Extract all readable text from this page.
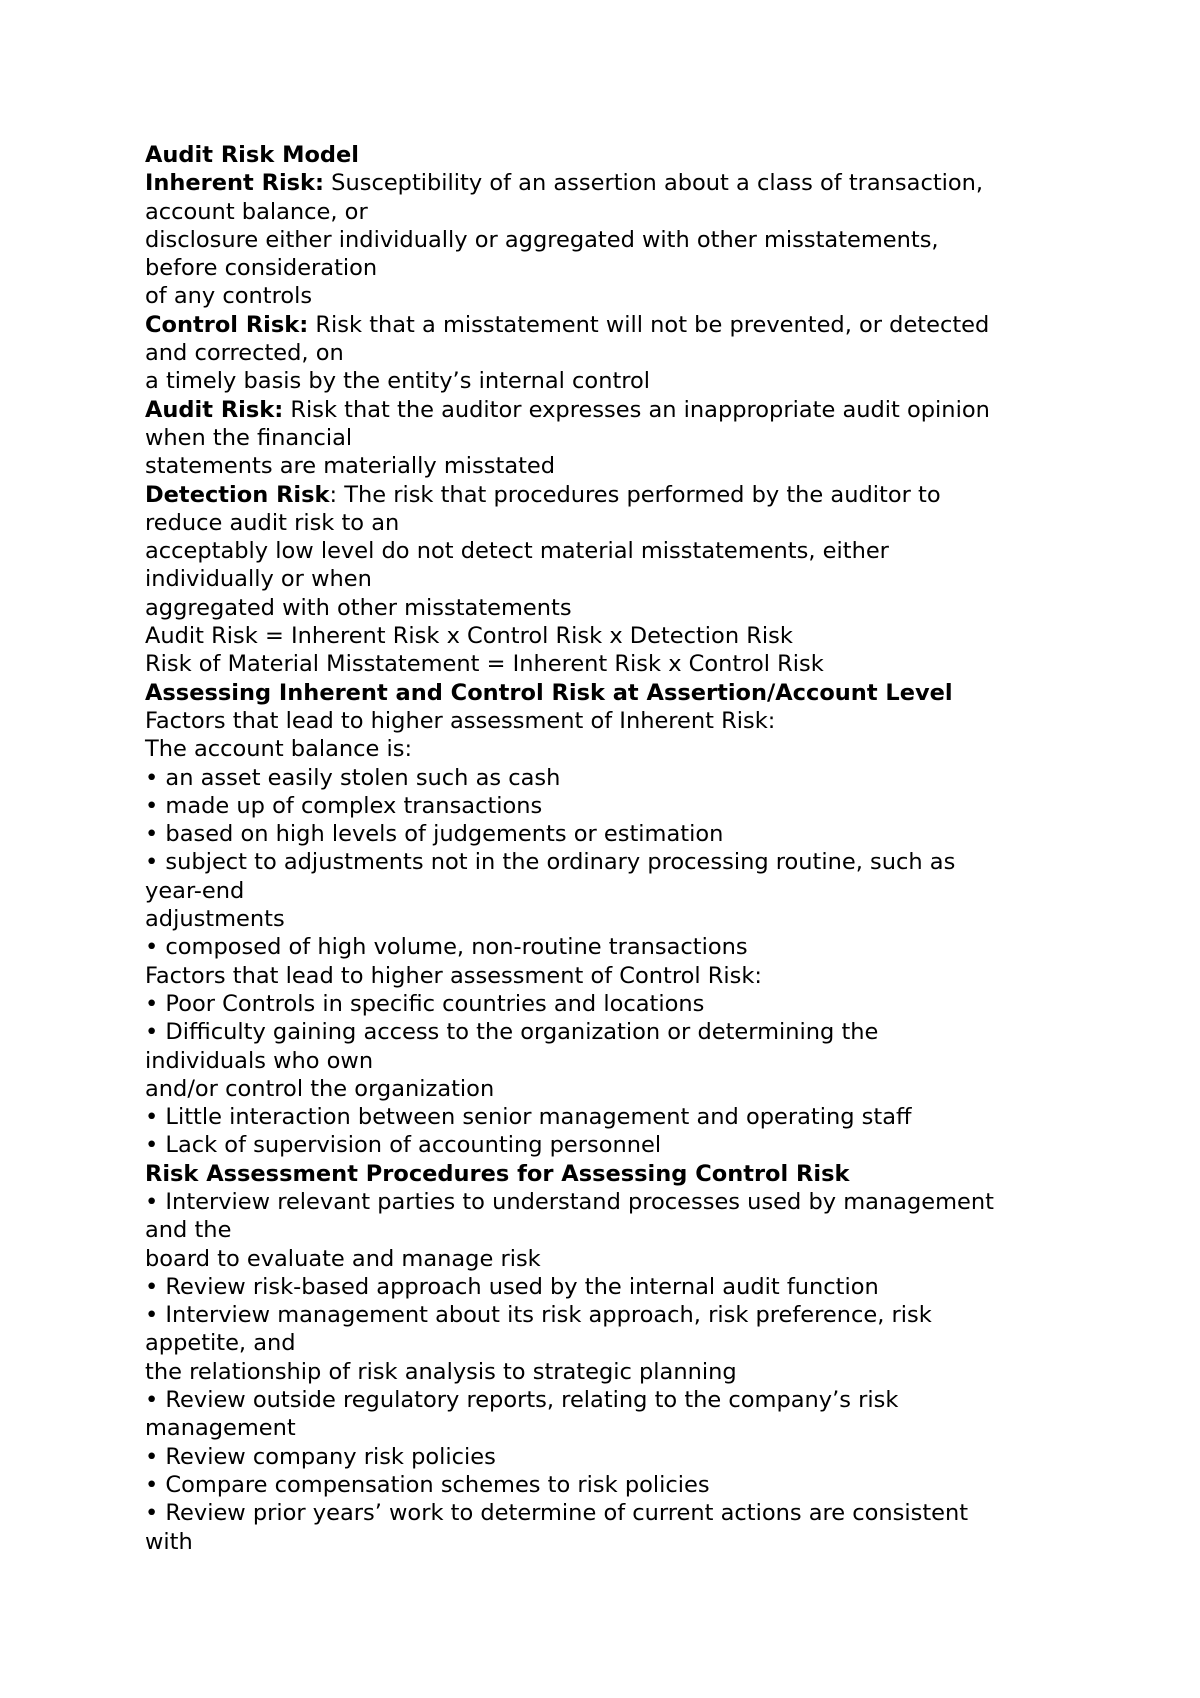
Audit Risk Model
Inherent Risk: Susceptibility of an assertion about a class of transaction,
account balance, or
disclosure either individually or aggregated with other misstatements,
before consideration
of any controls
Control Risk: Risk that a misstatement will not be prevented, or detected
and corrected, on
a timely basis by the entity’s internal control
Audit Risk: Risk that the auditor expresses an inappropriate audit opinion
when the financial
statements are materially misstated
Detection Risk: The risk that procedures performed by the auditor to
reduce audit risk to an
acceptably low level do not detect material misstatements, either
individually or when
aggregated with other misstatements
Audit Risk = Inherent Risk x Control Risk x Detection Risk
Risk of Material Misstatement = Inherent Risk x Control Risk
Assessing Inherent and Control Risk at Assertion/Account Level
Factors that lead to higher assessment of Inherent Risk:
The account balance is:
• an asset easily stolen such as cash
• made up of complex transactions
• based on high levels of judgements or estimation
• subject to adjustments not in the ordinary processing routine, such as
year-end
adjustments
• composed of high volume, non-routine transactions
Factors that lead to higher assessment of Control Risk:
• Poor Controls in specific countries and locations
• Difficulty gaining access to the organization or determining the
individuals who own
and/or control the organization
• Little interaction between senior management and operating staff
• Lack of supervision of accounting personnel
Risk Assessment Procedures for Assessing Control Risk
• Interview relevant parties to understand processes used by management
and the
board to evaluate and manage risk
• Review risk-based approach used by the internal audit function
• Interview management about its risk approach, risk preference, risk
appetite, and
the relationship of risk analysis to strategic planning
• Review outside regulatory reports, relating to the company’s risk
management
• Review company risk policies
• Compare compensation schemes to risk policies
• Review prior years’ work to determine of current actions are consistent
with
